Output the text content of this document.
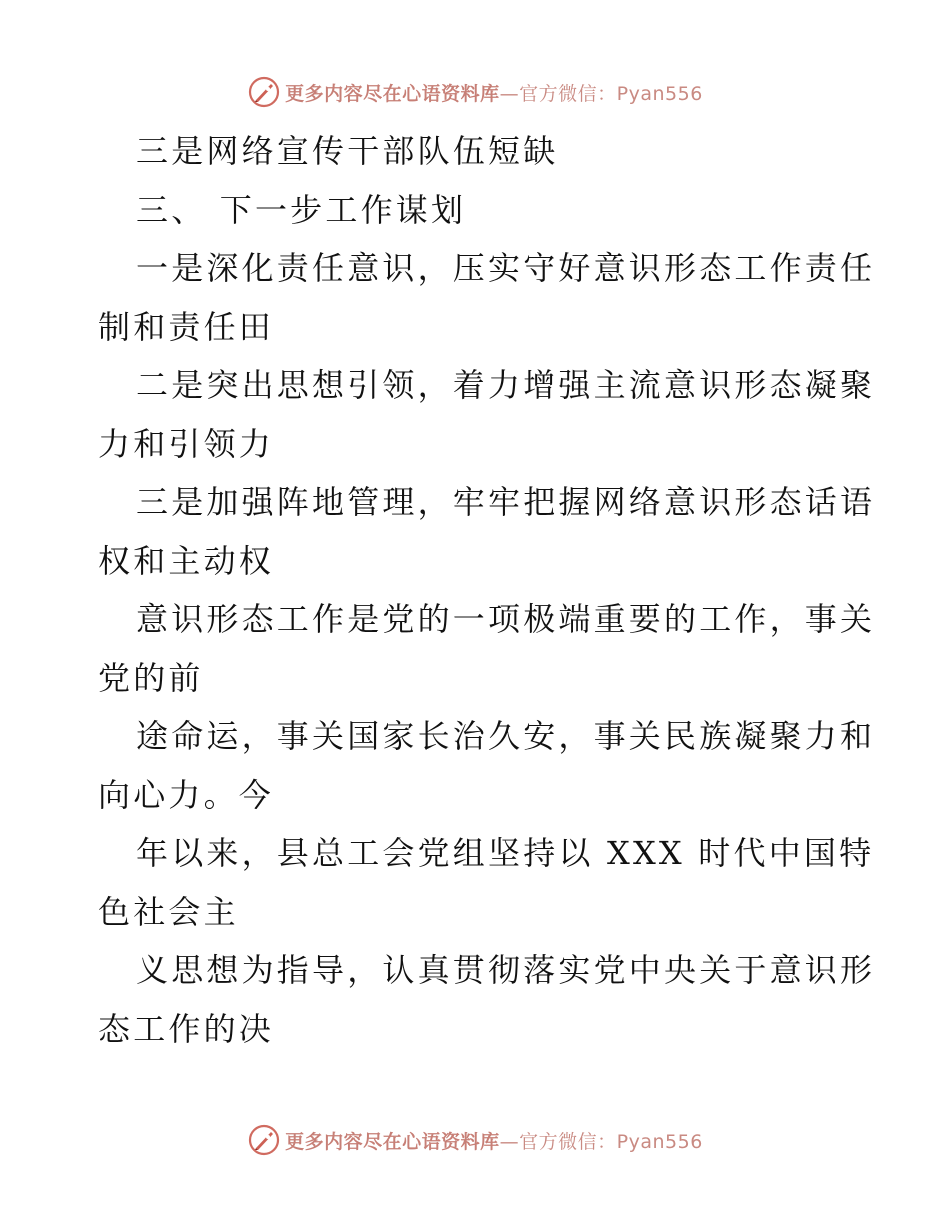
更多内容尽在心语资料库—官方微信：Pyan556
三是网络宣传干部队伍短缺
三、 下一步工作谋划
一是深化责任意识，压实守好意识形态工作责任
制和责任田
二是突出思想引领，着力增强主流意识形态凝聚
力和引领力
三是加强阵地管理，牢牢把握网络意识形态话语
权和主动权
意识形态工作是党的一项极端重要的工作，事关
党的前
途命运，事关国家长治久安，事关民族凝聚力和
向心力。今
年以来，县总工会党组坚持以 XXX 时代中国特
色社会主
义思想为指导，认真贯彻落实党中央关于意识形
态工作的决
更多内容尽在心语资料库—官方微信：Pyan556
